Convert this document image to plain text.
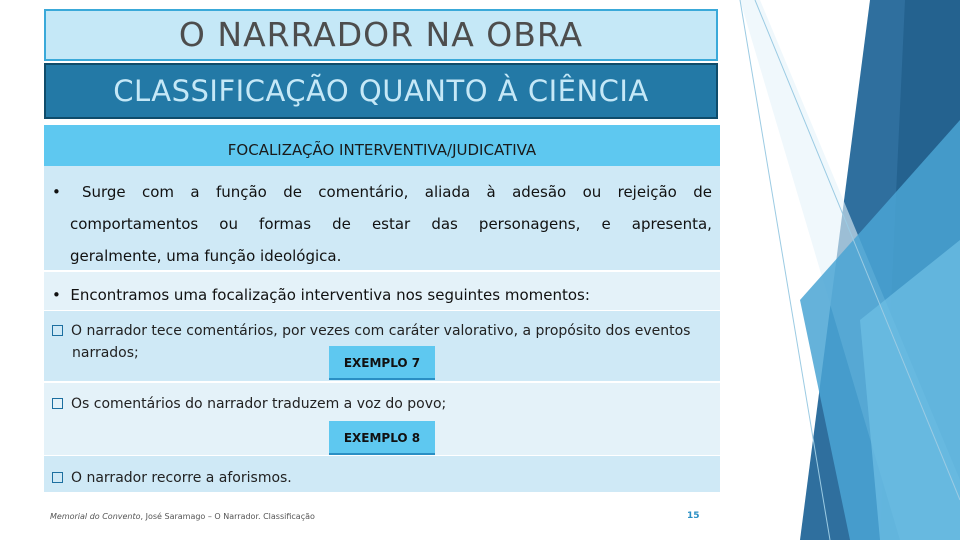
O NARRADOR NA OBRA
CLASSIFICAÇÃO QUANTO À CIÊNCIA
FOCALIZAÇÃO INTERVENTIVA/JUDICATIVA
• Surge com a função de comentário, aliada à adesão ou rejeição de
comportamentos ou formas de estar das personagens, e apresenta,
geralmente, uma função ideológica.
•  Encontramos uma focalização interventiva nos seguintes momentos:
O narrador tece comentários, por vezes com caráter valorativo, a propósito dos eventos
narrados;
EXEMPLO 7
Os comentários do narrador traduzem a voz do povo;
EXEMPLO 8
O narrador recorre a aforismos.
Memorial do Convento, José Saramago – O Narrador. Classificação	15
